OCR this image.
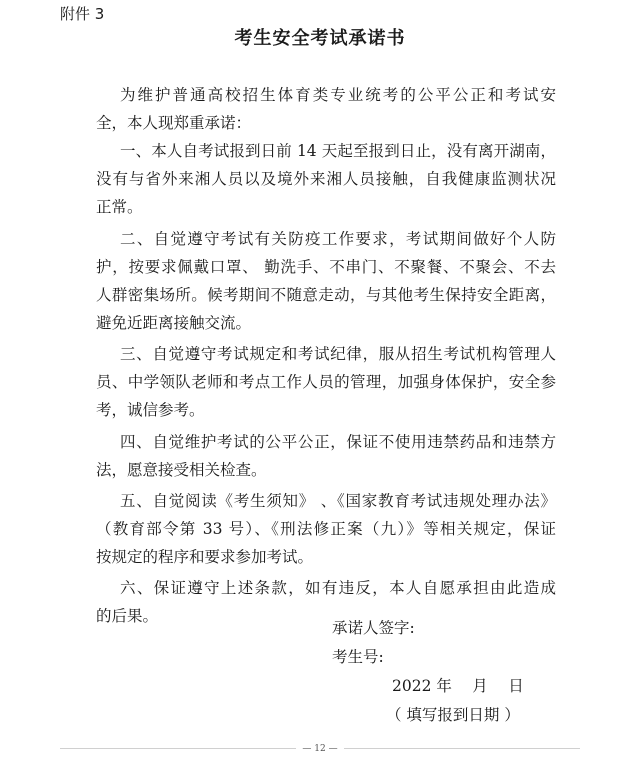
附件 3
考生安全考试承诺书
为维护普通高校招生体育类专业统考的公平公正和考试安
全，本人现郑重承诺：
一、本人自考试报到日前 14 天起至报到日止，没有离开湖南，
没有与省外来湘人员以及境外来湘人员接触，自我健康监测状况
正常。
二、自觉遵守考试有关防疫工作要求，考试期间做好个人防
护，按要求佩戴口罩、 勤洗手、不串门、不聚餐、不聚会、不去
人群密集场所。候考期间不随意走动，与其他考生保持安全距离，
避免近距离接触交流。
三、自觉遵守考试规定和考试纪律，服从招生考试机构管理人
员、中学领队老师和考点工作人员的管理，加强身体保护，安全参
考，诚信参考。
四、自觉维护考试的公平公正，保证不使用违禁药品和违禁方
法，愿意接受相关检查。
五、自觉阅读《考生须知》 、《国家教育考试违规处理办法》
（教育部令第 33 号）、《刑法修正案（九）》等相关规定，保证
按规定的程序和要求参加考试。
六、保证遵守上述条款，如有违反，本人自愿承担由此造成
的后果。
承诺人签字:
考生号:
— 12 —
2022 年　 月　 日
（ 填写报到日期 ）
